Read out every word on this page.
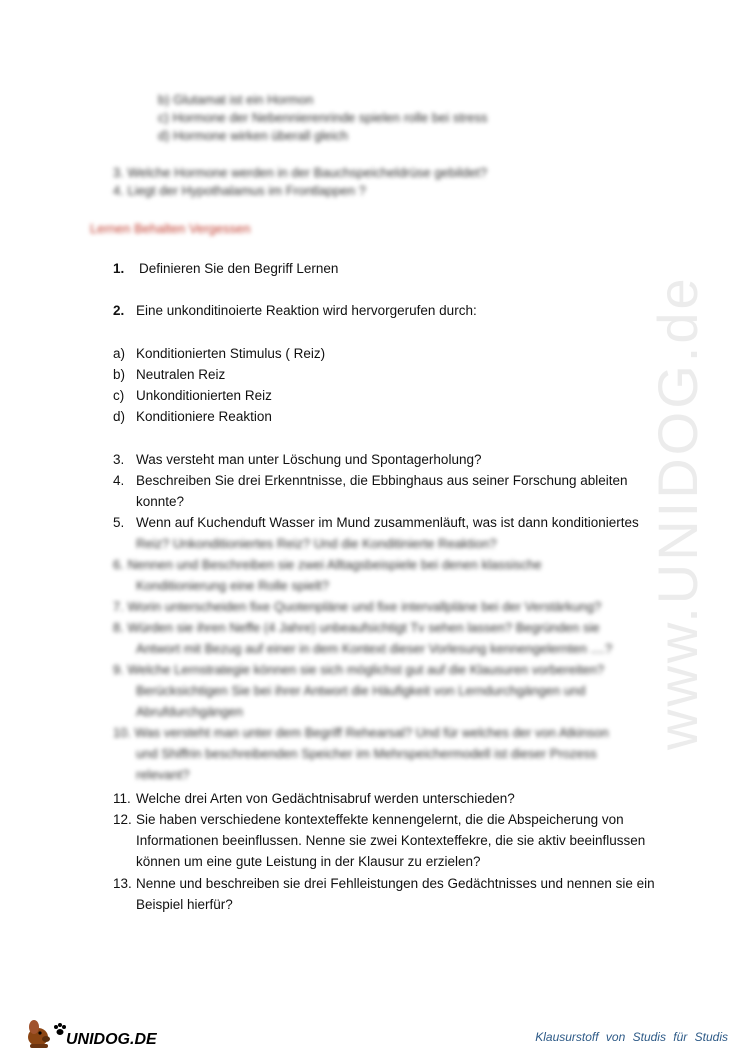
www.UNIDOG.de
b) Glutamat ist ein Hormon
c) Hormone der Nebennierenrinde spielen rolle bei stress
d) Hormone wirken überall gleich
3. Welche Hormone werden in der Bauchspeicheldrüse gebildet?
4. Liegt der Hypothalamus im Frontlappen ?
Lernen Behalten Vergessen
1. Definieren Sie den Begriff Lernen
2. Eine unkonditinoierte Reaktion wird hervorgerufen durch:
a) Konditionierten Stimulus ( Reiz)
b) Neutralen Reiz
c) Unkonditionierten Reiz
d) Konditioniere Reaktion
3. Was versteht man unter Löschung und Spontagerholung?
4. Beschreiben Sie drei Erkenntnisse, die Ebbinghaus aus seiner Forschung ableiten
konnte?
5. Wenn auf Kuchenduft Wasser im Mund zusammenläuft, was ist dann konditioniertes
Reiz? Unkonditioniertes Reiz? Und die Konditinierte Reaktion?
6. Nennen und Beschreiben sie zwei Alltagsbeispiele bei denen klassische
Konditionierung eine Rolle spielt?
7. Worin unterscheiden fixe Quotenpläne und fixe intervallpläne bei der Verstärkung?
8. Würden sie ihren Neffe (4 Jahre) unbeaufsichtigt Tv sehen lassen? Begründen sie
Antwort mit Bezug auf einer in dem Kontext dieser Vorlesung kennengelernten ....?
9. Welche Lernstrategie können sie sich möglichst gut auf die Klausuren vorbereiten?
Berücksichtigen Sie bei ihrer Antwort die Häufigkeit von Lerndurchgängen und
Abrufdurchgängen
10. Was versteht man unter dem Begriff Rehearsal? Und für welches der von Atkinson
und Shiffrin beschreibenden Speicher im Mehrspeichermodell ist dieser Prozess
relevant?
11. Welche drei Arten von Gedächtnisabruf werden unterschieden?
12. Sie haben verschiedene kontexteffekte kennengelernt, die die Abspeicherung von
Informationen beeinflussen. Nenne sie zwei Kontexteffekre, die sie aktiv beeinflussen
können um eine gute Leistung in der Klausur zu erzielen?
13. Nenne und beschreiben sie drei Fehlleistungen des Gedächtnisses und nennen sie ein
Beispiel hierfür?
UNIDOG.DE	Klausurstoff von Studis für Studis
